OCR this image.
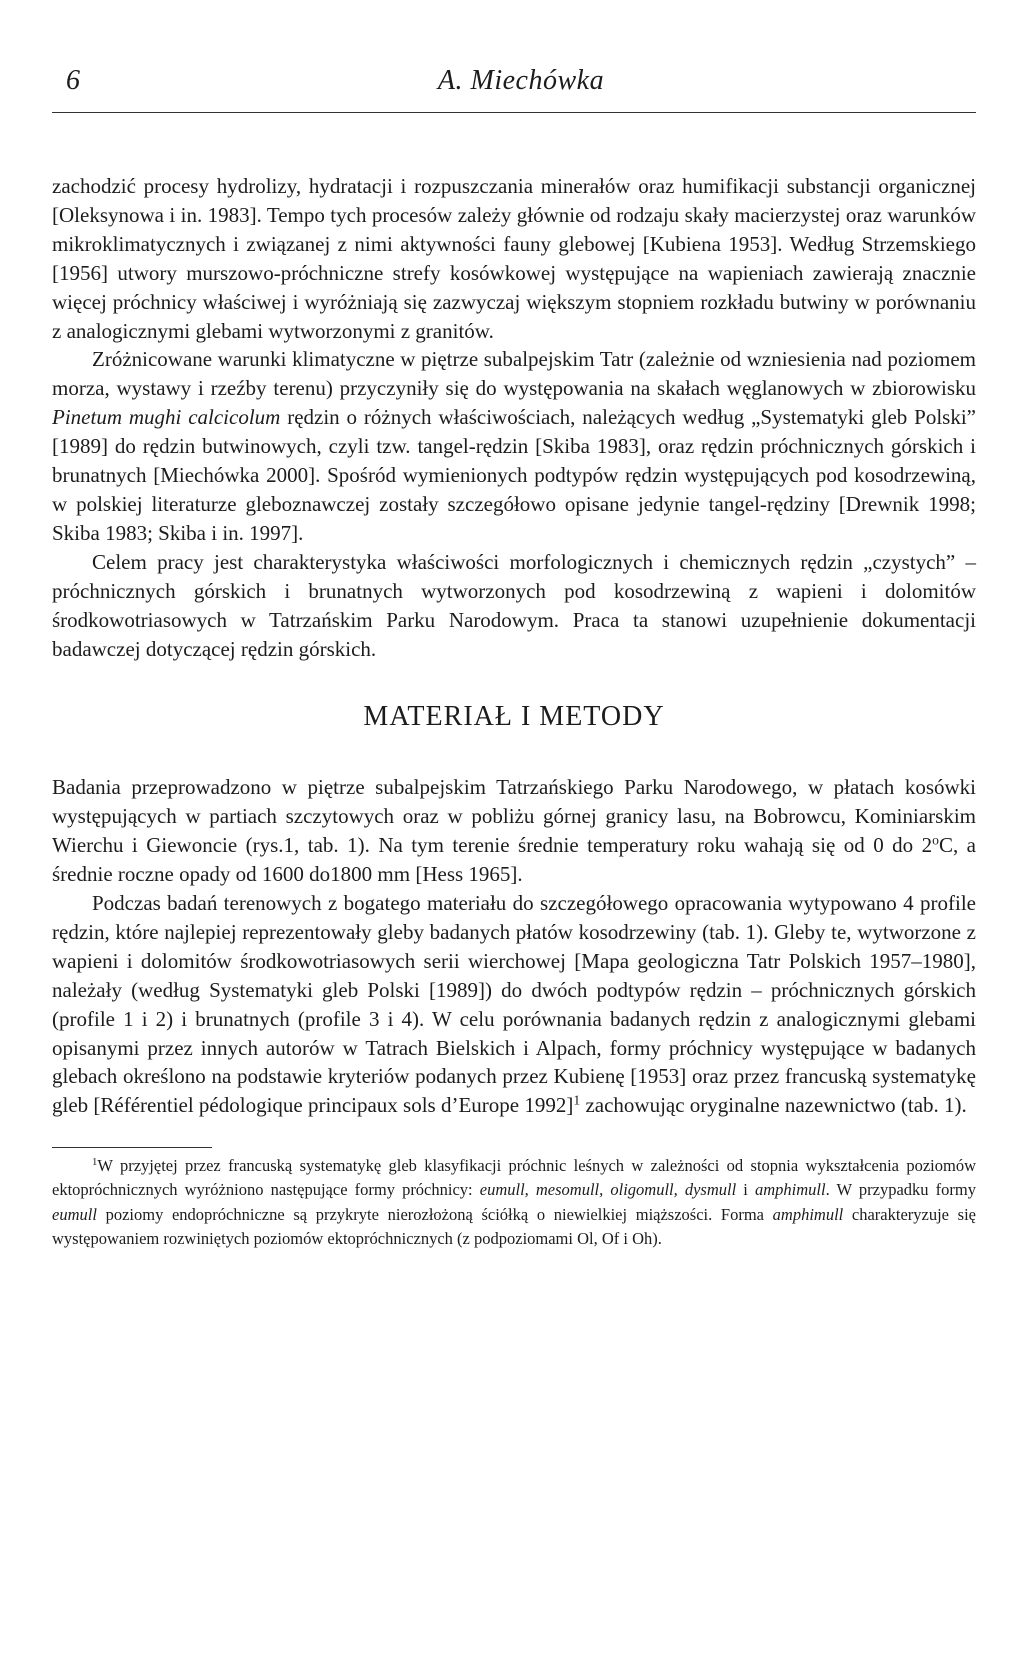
6	A. Miechówka

zachodzić procesy hydrolizy, hydratacji i rozpuszczania minerałów oraz humifikacji substancji organicznej [Oleksynowa i in. 1983]. Tempo tych procesów zależy głównie od rodzaju skały macierzystej oraz warunków mikroklimatycznych i związanej z nimi aktywności fauny glebowej [Kubiena 1953]. Według Strzemskiego [1956] utwory murszowo-próchniczne strefy kosówkowej występujące na wapieniach zawierają znacznie więcej próchnicy właściwej i wyróżniają się zazwyczaj większym stopniem rozkładu butwiny w porównaniu z analogicznymi glebami wytworzonymi z granitów.

Zróżnicowane warunki klimatyczne w piętrze subalpejskim Tatr (zależnie od wzniesienia nad poziomem morza, wystawy i rzeźby terenu) przyczyniły się do występowania na skałach węglanowych w zbiorowisku Pinetum mughi calcicolum rędzin o różnych właściwościach, należących według „Systematyki gleb Polski” [1989] do rędzin butwinowych, czyli tzw. tangel-rędzin [Skiba 1983], oraz rędzin próchnicznych górskich i brunatnych [Miechówka 2000]. Spośród wymienionych podtypów rędzin występujących pod kosodrzewiną, w polskiej literaturze gleboznawczej zostały szczegółowo opisane jedynie tangel-rędziny [Drewnik 1998; Skiba 1983; Skiba i in. 1997].

Celem pracy jest charakterystyka właściwości morfologicznych i chemicznych rędzin „czystych” – próchnicznych górskich i brunatnych wytworzonych pod kosodrzewiną z wapieni i dolomitów środkowotriasowych w Tatrzańskim Parku Narodowym. Praca ta stanowi uzupełnienie dokumentacji badawczej dotyczącej rędzin górskich.

MATERIAŁ I METODY

Badania przeprowadzono w piętrze subalpejskim Tatrzańskiego Parku Narodowego, w płatach kosówki występujących w partiach szczytowych oraz w pobliżu górnej granicy lasu, na Bobrowcu, Kominiarskim Wierchu i Giewoncie (rys.1, tab. 1). Na tym terenie średnie temperatury roku wahają się od 0 do 2$^o$C, a średnie roczne opady od 1600 do1800 mm [Hess 1965].

Podczas badań terenowych z bogatego materiału do szczegółowego opracowania wytypowano 4 profile rędzin, które najlepiej reprezentowały gleby badanych płatów kosodrzewiny (tab. 1). Gleby te, wytworzone z wapieni i dolomitów środkowotriasowych serii wierchowej [Mapa geologiczna Tatr Polskich 1957–1980], należały (według Systematyki gleb Polski [1989]) do dwóch podtypów rędzin – próchnicznych górskich (profile 1 i 2) i brunatnych (profile 3 i 4). W celu porównania badanych rędzin z analogicznymi glebami opisanymi przez innych autorów w Tatrach Bielskich i Alpach, formy próchnicy występujące w badanych glebach określono na podstawie kryteriów podanych przez Kubienę [1953] oraz przez francuską systematykę gleb [Référentiel pédologique principaux sols d’Europe 1992]$^1$ zachowując oryginalne nazewnictwo (tab. 1).

$^1$W przyjętej przez francuską systematykę gleb klasyfikacji próchnic leśnych w zależności od stopnia wykształcenia poziomów ektopróchnicznych wyróżniono następujące formy próchnicy: eumull, mesomull, oligomull, dysmull i amphimull. W przypadku formy eumull poziomy endopróchniczne są przykryte nierozłożoną ściółką o niewielkiej miąższości. Forma amphimull charakteryzuje się występowaniem rozwiniętych poziomów ektopróchnicznych (z podpoziomami Ol, Of i Oh).
